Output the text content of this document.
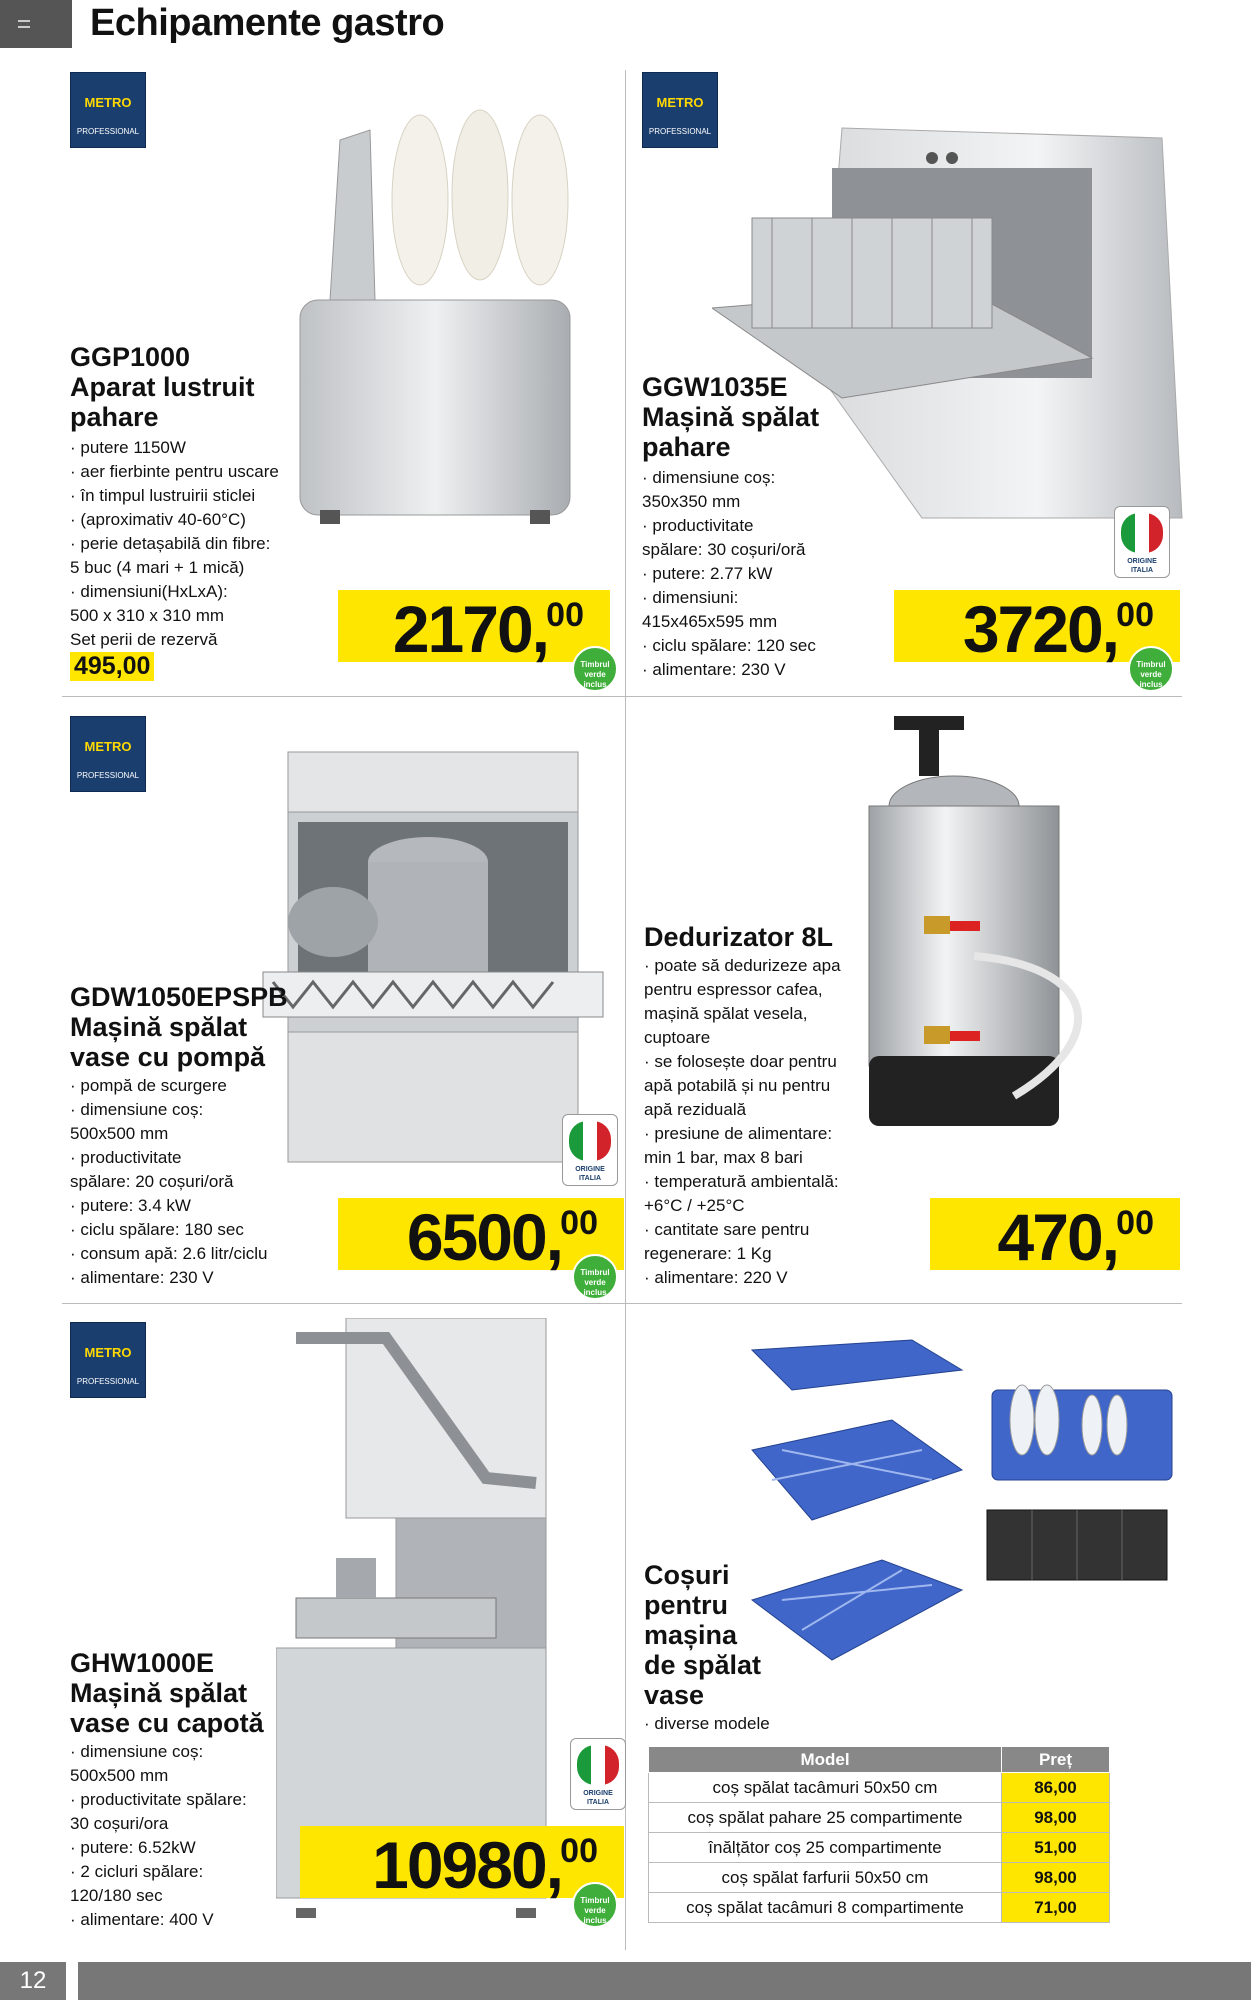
Echipamente gastro
METRO
PROFESSIONAL
GGP1000
Aparat lustruit
pahare
· putere 1150W
· aer fierbinte pentru uscare
· în timpul lustruirii sticlei
· (aproximativ 40-60°C)
· perie detașabilă din fibre:
5 buc (4 mari + 1 mică)
· dimensiuni(HxLxA):
500 x 310 x 310 mm
Set perii de rezervă
495,00	2170,
00
Timbrul
verde
inclus
METRO
PROFESSIONAL
GGW1035E
Mașină spălat
pahare
· dimensiune coș:
350x350 mm
· productivitate
spălare: 30 coșuri/oră
· putere: 2.77 kW
· dimensiuni:
415x465x595 mm
· ciclu spălare: 120 sec
· alimentare: 230 V
ORIGINE
ITALIA
3720,
00
Timbrul
verde
inclus
METRO
PROFESSIONAL
GDW1050EPSPB
Mașină spălat
vase cu pompă
· pompă de scurgere
· dimensiune coș:
500x500 mm
· productivitate
spălare: 20 coșuri/oră
· putere: 3.4 kW
· ciclu spălare: 180 sec
· consum apă: 2.6 litr/ciclu
· alimentare: 230 V
ORIGINE
ITALIA
6500,
00
Timbrul
verde
inclus
Dedurizator 8L
· poate să dedurizeze apa
pentru espressor cafea,
mașină spălat vesela,
cuptoare
· se folosește doar pentru
apă potabilă și nu pentru
apă reziduală
· presiune de alimentare:
min 1 bar, max 8 bari
· temperatură ambientală:
+6°C / +25°C
· cantitate sare pentru
regenerare: 1 Kg
· alimentare: 220 V
470,
00
METRO
PROFESSIONAL
GHW1000E
Mașină spălat
vase cu capotă
· dimensiune coș:
500x500 mm
· productivitate spălare:
30 coșuri/ora
· putere: 6.52kW
· 2 cicluri spălare:
120/180 sec
· alimentare: 400 V
ORIGINE
ITALIA
10980,
00
Timbrul
verde
inclus
Coșuri
pentru
mașina
de spălat
vase
· diverse modele
Model	Preț
coș spălat tacâmuri 50x50 cm	86,00
coș spălat pahare 25 compartimente	98,00
înălțător coș 25 compartimente	51,00
coș spălat farfurii 50x50 cm	98,00
coș spălat tacâmuri 8 compartimente	71,00
12
